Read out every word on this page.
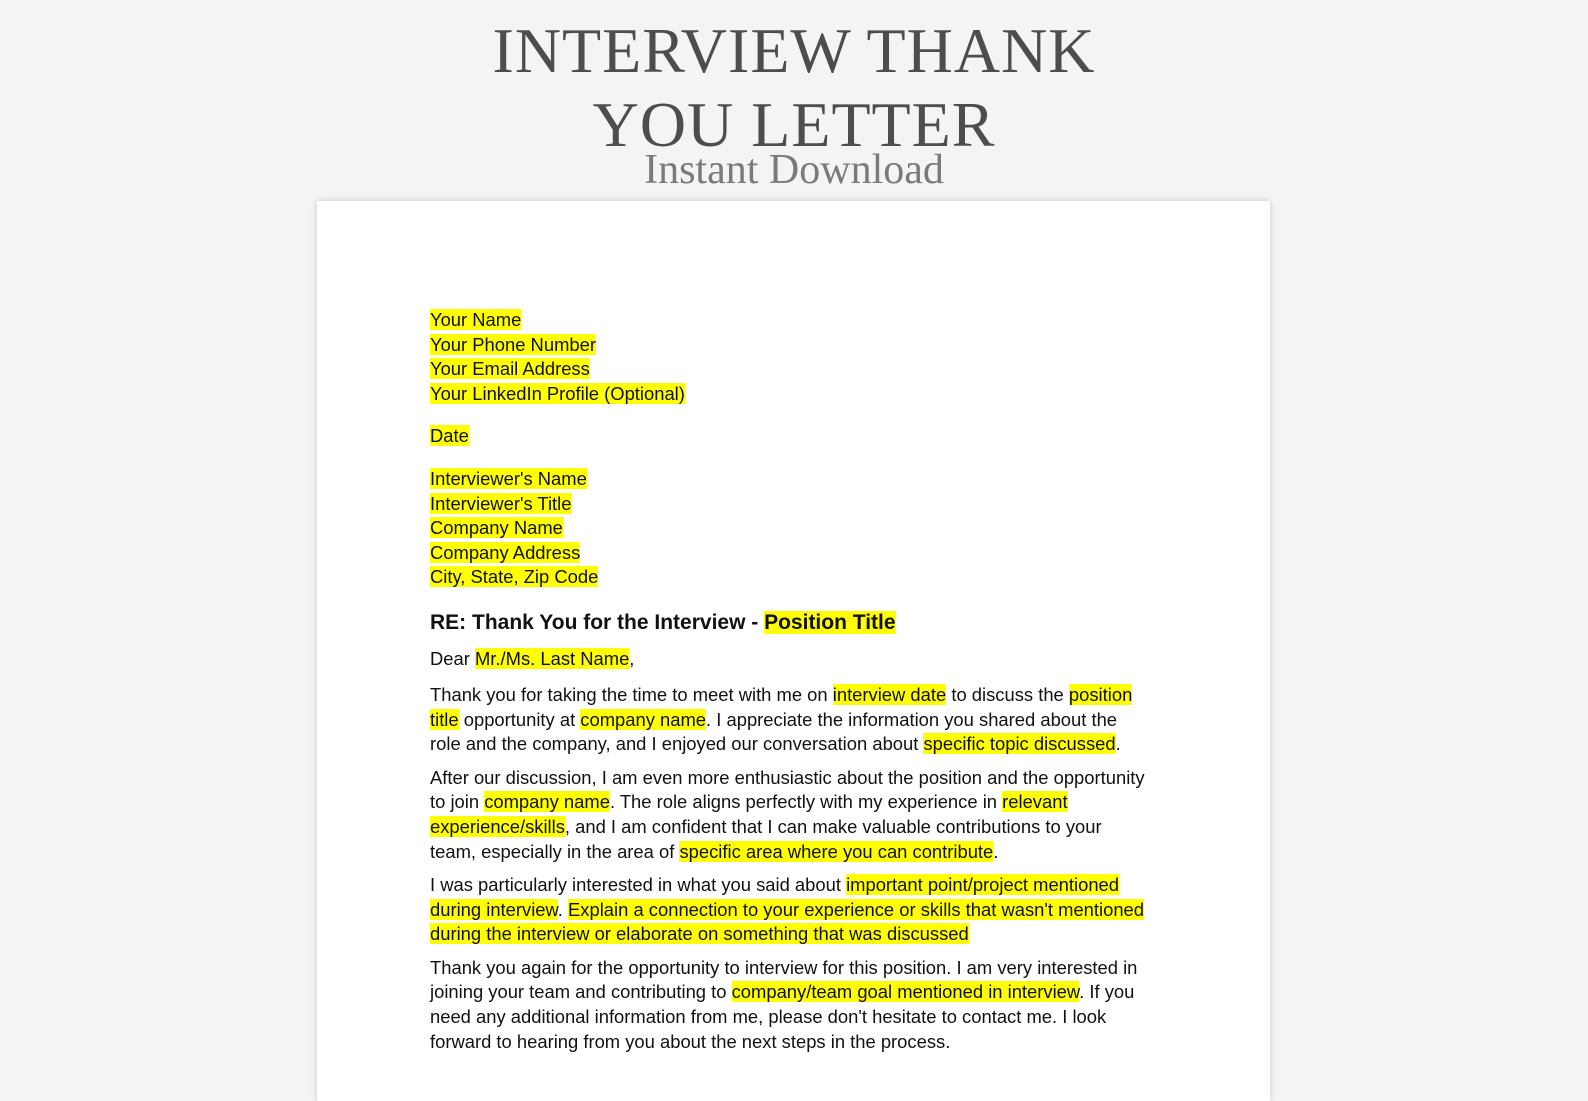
INTERVIEW THANK
YOU LETTER
Instant Download
Your Name
Your Phone Number
Your Email Address
Your LinkedIn Profile (Optional)
Date
Interviewer's Name
Interviewer's Title
Company Name
Company Address
City, State, Zip Code
RE: Thank You for the Interview - Position Title
Dear Mr./Ms. Last Name,
Thank you for taking the time to meet with me on interview date to discuss the position
title opportunity at company name. I appreciate the information you shared about the
role and the company, and I enjoyed our conversation about specific topic discussed.
After our discussion, I am even more enthusiastic about the position and the opportunity
to join company name. The role aligns perfectly with my experience in relevant
experience/skills, and I am confident that I can make valuable contributions to your
team, especially in the area of specific area where you can contribute.
I was particularly interested in what you said about important point/project mentioned
during interview. Explain a connection to your experience or skills that wasn't mentioned
during the interview or elaborate on something that was discussed
Thank you again for the opportunity to interview for this position. I am very interested in
joining your team and contributing to company/team goal mentioned in interview. If you
need any additional information from me, please don't hesitate to contact me. I look
forward to hearing from you about the next steps in the process.
